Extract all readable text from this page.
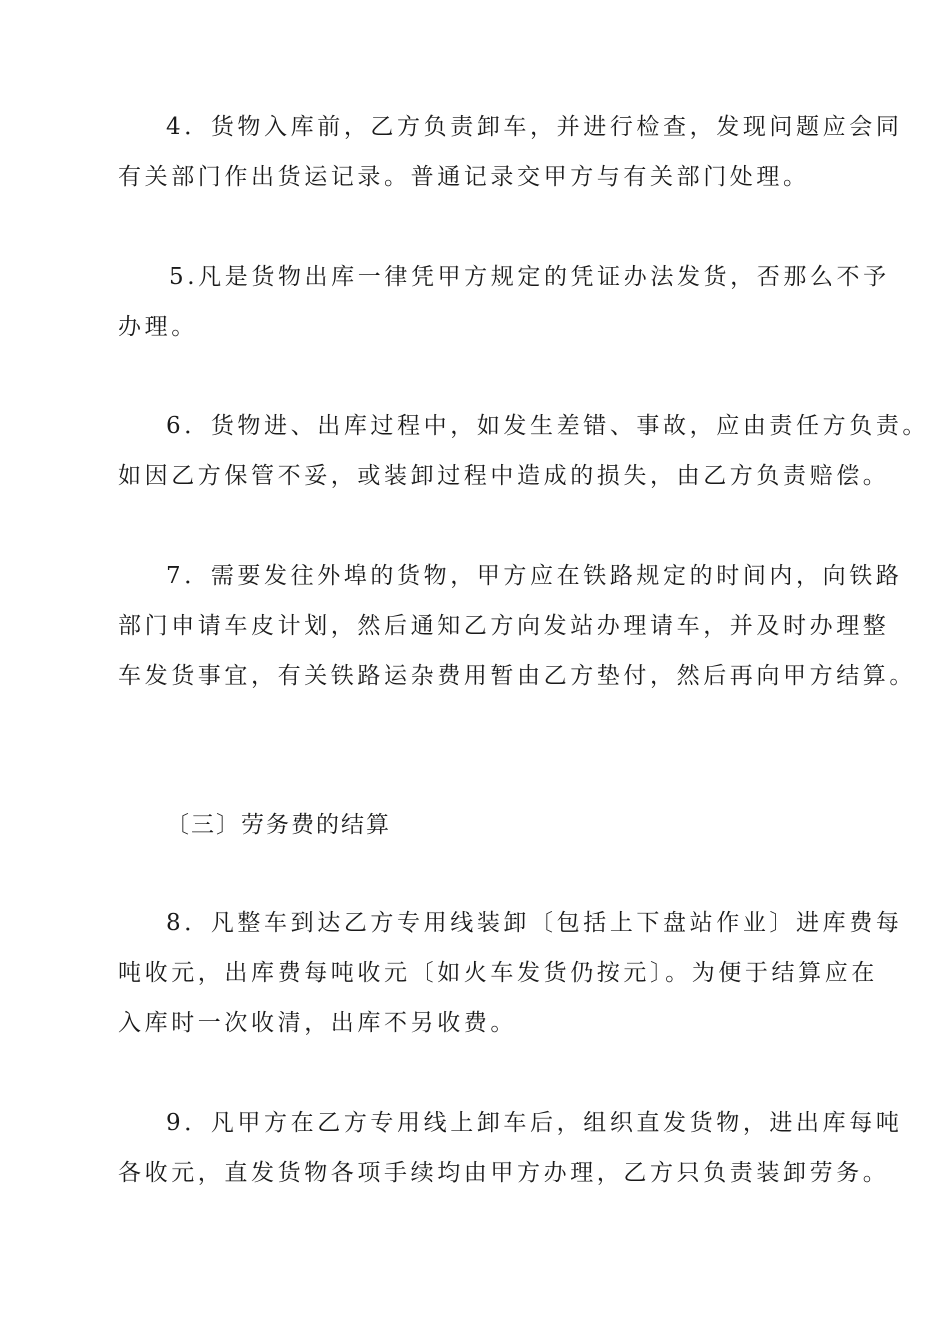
4．货物入库前，乙方负责卸车，并进行检查，发现问题应会同

有关部门作出货运记录。普通记录交甲方与有关部门处理。

5.凡是货物出库一律凭甲方规定的凭证办法发货，否那么不予

办理。

6．货物进、出库过程中，如发生差错、事故，应由责任方负责。

如因乙方保管不妥，或装卸过程中造成的损失，由乙方负责赔偿。

7．需要发往外埠的货物，甲方应在铁路规定的时间内，向铁路

部门申请车皮计划，然后通知乙方向发站办理请车，并及时办理整

车发货事宜，有关铁路运杂费用暂由乙方垫付，然后再向甲方结算。

〔三〕劳务费的结算

8．凡整车到达乙方专用线装卸〔包括上下盘站作业〕进库费每

吨收元，出库费每吨收元〔如火车发货仍按元〕。为便于结算应在

入库时一次收清，出库不另收费。

9．凡甲方在乙方专用线上卸车后，组织直发货物，进出库每吨

各收元，直发货物各项手续均由甲方办理，乙方只负责装卸劳务。
